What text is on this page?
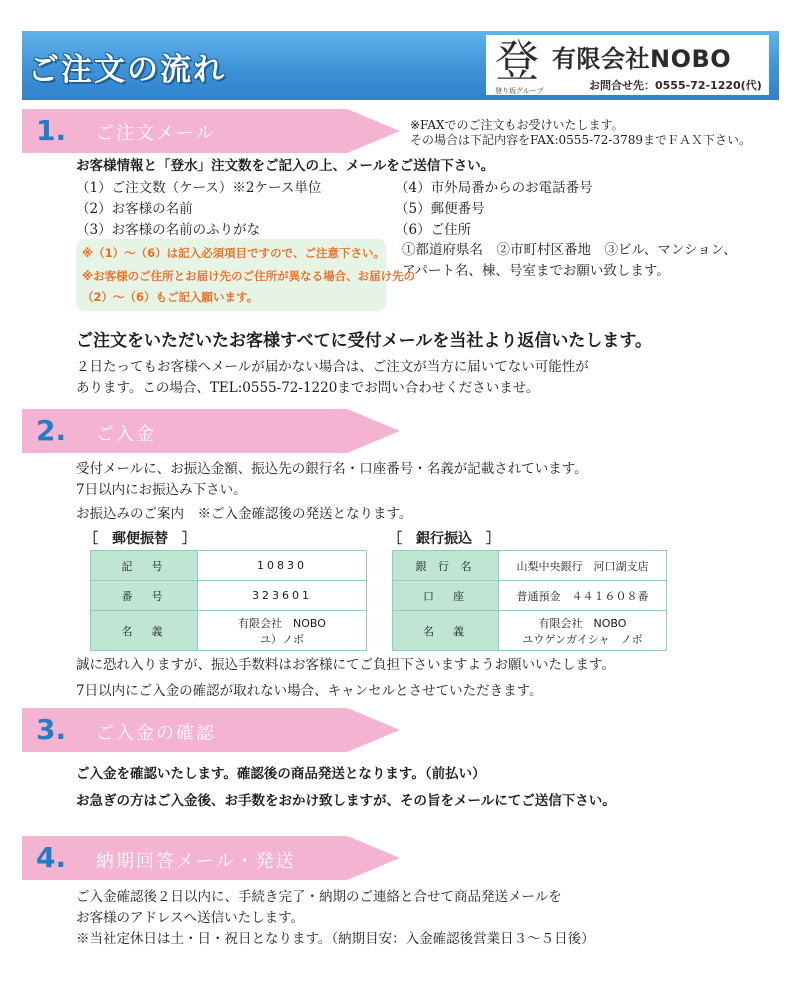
ご注文の流れ	登
登り坂グループ
有限会社NOBO
お問合せ先：0555-72-1220(代)
1. ご注文メール	※FAXでのご注文もお受けいたします。
その場合は下記内容をFAX:0555-72-3789までＦＡＸ下さい。
お客様情報と「登水」注文数をご記入の上、メールをご送信下さい。
（1）ご注文数（ケース）※2ケース単位
（2）お客様の名前
（3）お客様の名前のふりがな
（4）市外局番からのお電話番号
（5）郵便番号
（6）ご住所
①都道府県名　②市町村区番地　③ビル、マンション、
アパート名、棟、号室までお願い致します。
※（1）～（6）は記入必須項目ですので、ご注意下さい。
※お客様のご住所とお届け先のご住所が異なる場合、お届け先の
（2）～（6）もご記入願います。
ご注文をいただいたお客様すべてに受付メールを当社より返信いたします。
２日たってもお客様へメールが届かない場合は、ご注文が当方に届いてない可能性が
あります。この場合、TEL:0555-72-1220までお問い合わせくださいませ。
2. ご入金
受付メールに、お振込金額、振込先の銀行名・口座番号・名義が記載されています。
7日以内にお振込み下さい。
お振込みのご案内　※ご入金確認後の発送となります。
［　郵便振替　］
記　号	10830
番　号	323601
名　義	有限会社　NOBO
ユ）ノボ
［　銀行振込　］
銀 行 名	山梨中央銀行　河口湖支店
口　座	普通預金　４４１６０８番
名　義	有限会社　NOBO
ユウゲンガイシャ　ノボ
誠に恐れ入りますが、振込手数料はお客様にてご負担下さいますようお願いいたします。
7日以内にご入金の確認が取れない場合、キャンセルとさせていただきます。
3. ご入金の確認
ご入金を確認いたします。確認後の商品発送となります。（前払い）
お急ぎの方はご入金後、お手数をおかけ致しますが、その旨をメールにてご送信下さい。
4. 納期回答メール・発送
ご入金確認後２日以内に、手続き完了・納期のご連絡と合せて商品発送メールを
お客様のアドレスへ送信いたします。
※当社定休日は土・日・祝日となります。（納期目安：入金確認後営業日３～５日後）
